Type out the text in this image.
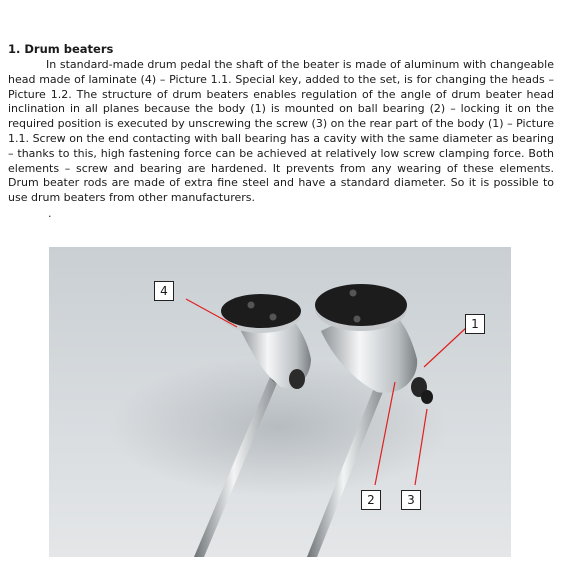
1. Drum beaters

In standard-made drum pedal the shaft of the beater is made of aluminum with changeable head made of laminate (4) – Picture 1.1. Special key, added to the set, is for changing the heads – Picture 1.2. The structure of drum beaters enables regulation of the angle of drum beater head inclination in all planes because the body (1) is mounted on ball bearing (2) – locking it on the required position is executed by unscrewing the screw (3) on the rear part of the body (1) – Picture 1.1. Screw on the end contacting with ball bearing has a cavity with the same diameter as bearing – thanks to this, high fastening force can be achieved at relatively low screw clamping force. Both elements – screw and bearing are hardened. It prevents from any wearing of these elements. Drum beater rods are made of extra fine steel and have a standard diameter. So it is possible to use drum beaters from other manufacturers.

.
4
1
2	3
